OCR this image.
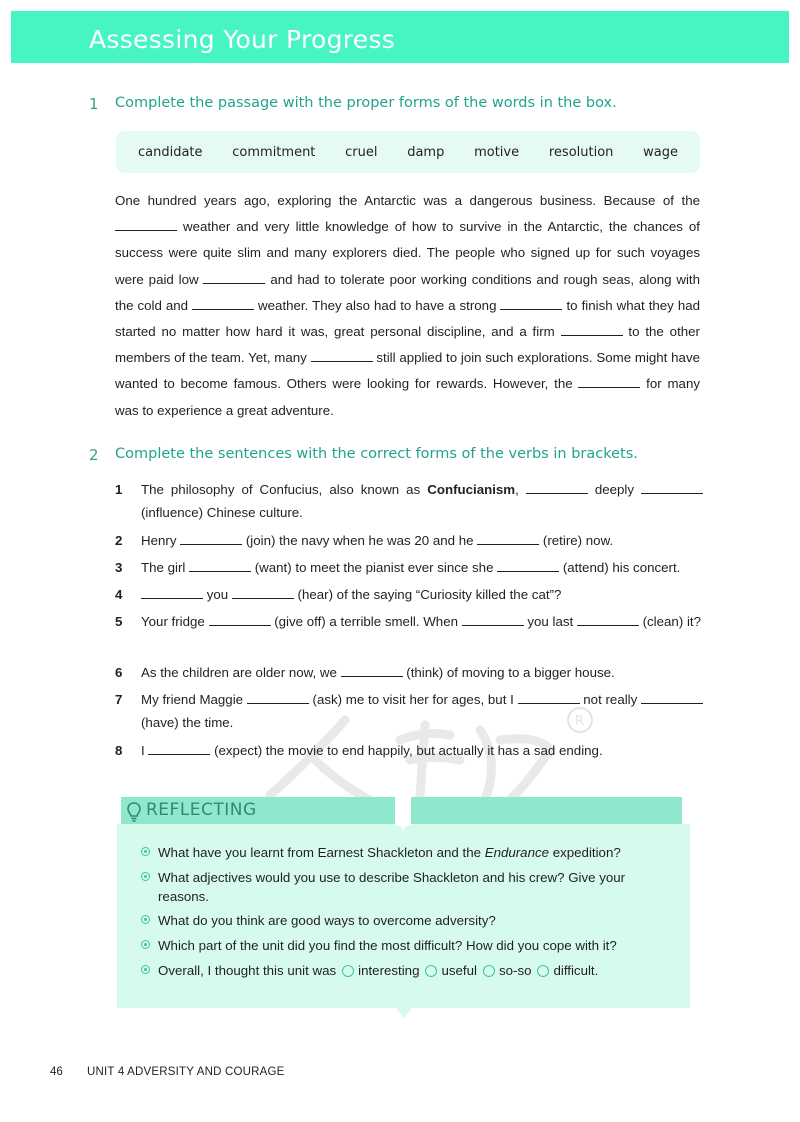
Assessing Your Progress
1 Complete the passage with the proper forms of the words in the box.
candidate commitment cruel damp motive resolution wage

One hundred years ago, exploring the Antarctic was a dangerous business. Because of the  weather and very little knowledge of how to survive in the Antarctic, the chances of success were quite slim and many explorers died. The people who signed up for such voyages were paid low	and had to tolerate poor working conditions and rough seas, along with the cold and	weather. They also had to have a strong	to finish what they had started no matter how hard it was, great personal discipline, and a firm	to the other members of the team. Yet, many	still applied to join such explorations. Some might have wanted to become famous. Others were looking for rewards. However, the	for many was to experience a great adventure.

R
2 Complete the sentences with the correct forms of the verbs in brackets.
1 The philosophy of Confucius, also known as Confucianism,	deeply  (influence) Chinese culture.
2 Henry	(join) the navy when he was 20 and he	(retire) now.
3 The girl	(want) to meet the pianist ever since she	(attend) his concert.
4	you	(hear) of the saying “Curiosity killed the cat”?
5 Your fridge	(give off) a terrible smell. When	you last	(clean) it?
6 As the children are older now, we	(think) of moving to a bigger house.
7 My friend Maggie	(ask) me to visit her for ages, but I	not really  (have) the time.
8 I	(expect) the movie to end happily, but actually it has a sad ending.
REFLECTING
What have you learnt from Earnest Shackleton and the Endurance expedition?
What adjectives would you use to describe Shackleton and his crew? Give your reasons.
What do you think are good ways to overcome adversity?
Which part of the unit did you find the most difficult? How did you cope with it?
Overall, I thought this unit was interesting useful so-so difficult.
46 UNIT 4 ADVERSITY AND COURAGE
